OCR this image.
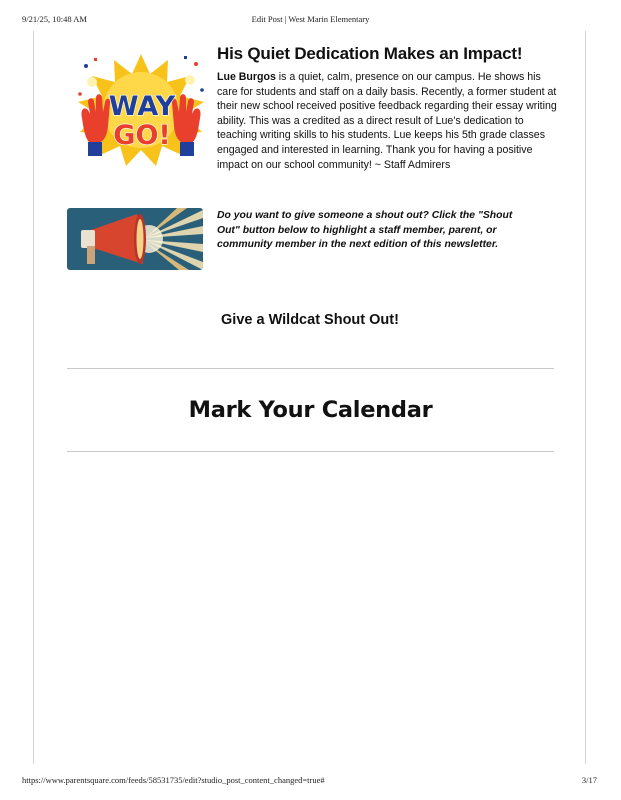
9/21/25, 10:48 AM	Edit Post | West Marin Elementary
WAY
GO!
His Quiet Dedication Makes an Impact!
Lue Burgos is a quiet, calm, presence on our campus. He shows his care for students and staff on a daily basis. Recently, a former student at their new school received positive feedback regarding their essay writing ability. This was a credited as a direct result of Lue's dedication to teaching writing skills to his students. Lue keeps his 5th grade classes engaged and interested in learning. Thank you for having a positive impact on our school community! ~ Staff Admirers
Do you want to give someone a shout out? Click the "Shout Out" button below to highlight a staff member, parent, or community member in the next edition of this newsletter.
Give a Wildcat Shout Out!
Mark Your Calendar
https://www.parentsquare.com/feeds/58531735/edit?studio_post_content_changed=true#	3/17
